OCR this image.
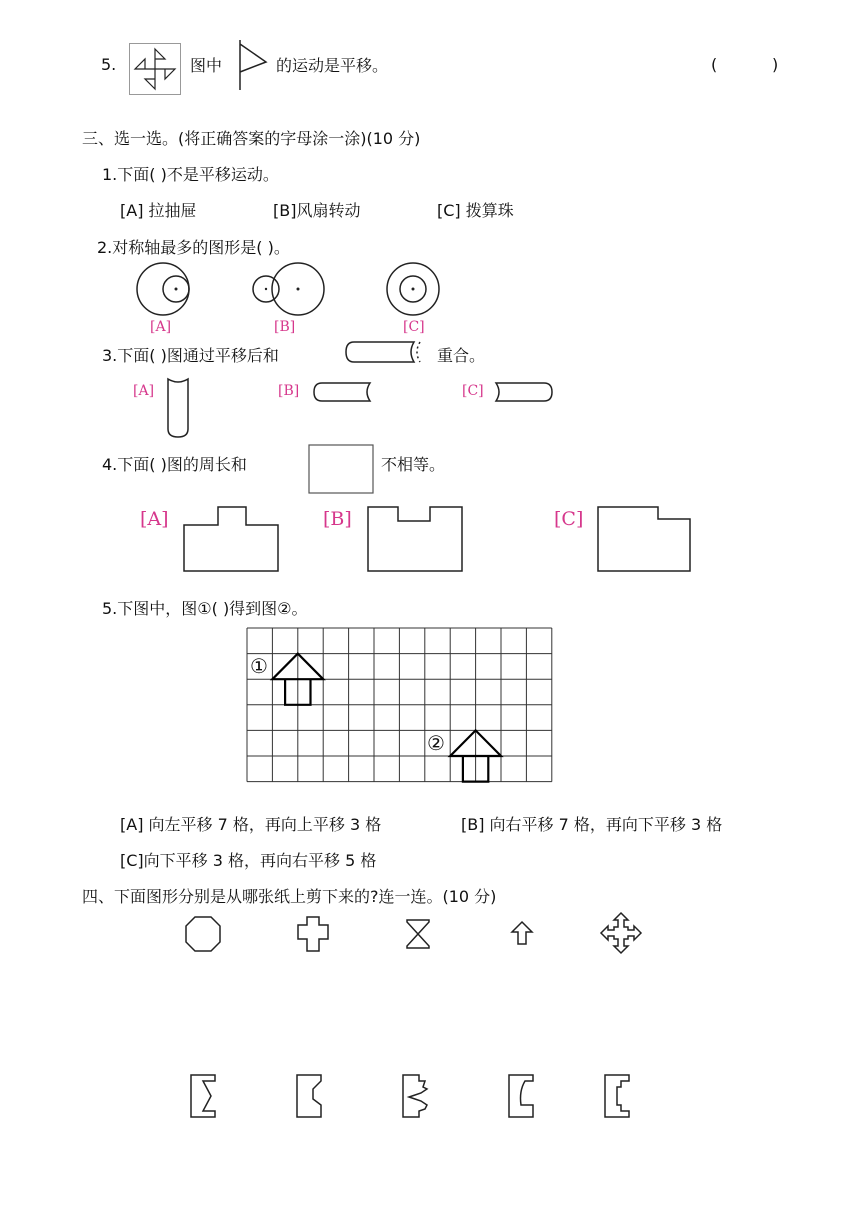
5.	图中	的运动是平移。	(	)
三、选一选。(将正确答案的字母涂一涂)(10 分)
1.下面( )不是平移运动。
[A] 拉抽屉	[B]风扇转动	[C] 拨算珠
2.对称轴最多的图形是( )。
[A]	[B]	[C]
3.下面( )图通过平移后和	重合。
[A]	[B]	[C]
4.下面( )图的周长和	不相等。
[A]	[B]	[C]
5.下图中，图①( )得到图②。
①
②
[A] 向左平移 7 格，再向上平移 3 格	[B] 向右平移 7 格，再向下平移 3 格
[C]向下平移 3 格，再向右平移 5 格
四、下面图形分别是从哪张纸上剪下来的?连一连。(10 分)
